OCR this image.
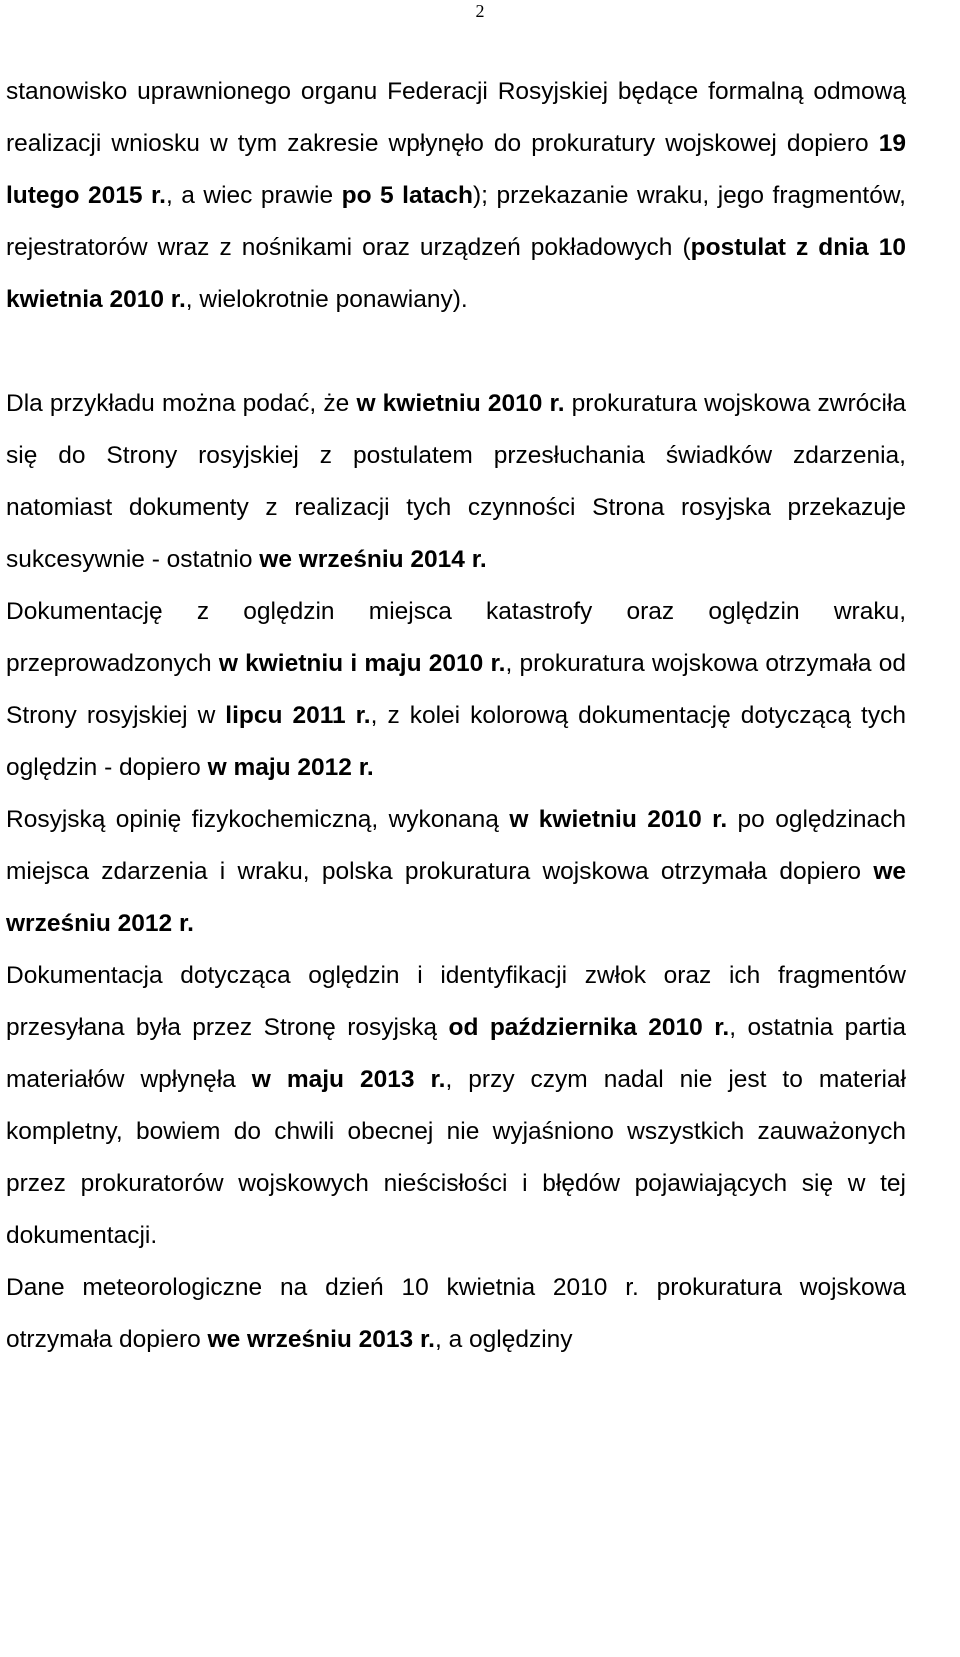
2

stanowisko uprawnionego organu Federacji Rosyjskiej będące formalną odmową realizacji wniosku w tym zakresie wpłynęło do prokuratury wojskowej dopiero 19 lutego 2015 r., a wiec prawie po 5 latach); przekazanie wraku, jego fragmentów, rejestratorów wraz z nośnikami oraz urządzeń pokładowych (postulat z dnia 10 kwietnia 2010 r., wielokrotnie ponawiany).

Dla przykładu można podać, że w kwietniu 2010 r. prokuratura wojskowa zwróciła się do Strony rosyjskiej z postulatem przesłuchania świadków zdarzenia, natomiast dokumenty z realizacji tych czynności Strona rosyjska przekazuje sukcesywnie - ostatnio we wrześniu 2014 r.

Dokumentację z oględzin miejsca katastrofy oraz oględzin wraku, przeprowadzonych w kwietniu i maju 2010 r., prokuratura wojskowa otrzymała od Strony rosyjskiej w lipcu 2011 r., z kolei kolorową dokumentację dotyczącą tych oględzin - dopiero w maju 2012 r.

Rosyjską opinię fizykochemiczną, wykonaną w kwietniu 2010 r. po oględzinach miejsca zdarzenia i wraku, polska prokuratura wojskowa otrzymała dopiero we wrześniu 2012 r.

Dokumentacja dotycząca oględzin i identyfikacji zwłok oraz ich fragmentów przesyłana była przez Stronę rosyjską od października 2010 r., ostatnia partia materiałów wpłynęła w maju 2013 r., przy czym nadal nie jest to materiał kompletny, bowiem do chwili obecnej nie wyjaśniono wszystkich zauważonych przez prokuratorów wojskowych nieścisłości i błędów pojawiających się w tej dokumentacji.

Dane meteorologiczne na dzień 10 kwietnia 2010 r. prokuratura wojskowa otrzymała dopiero we wrześniu 2013 r., a oględziny
